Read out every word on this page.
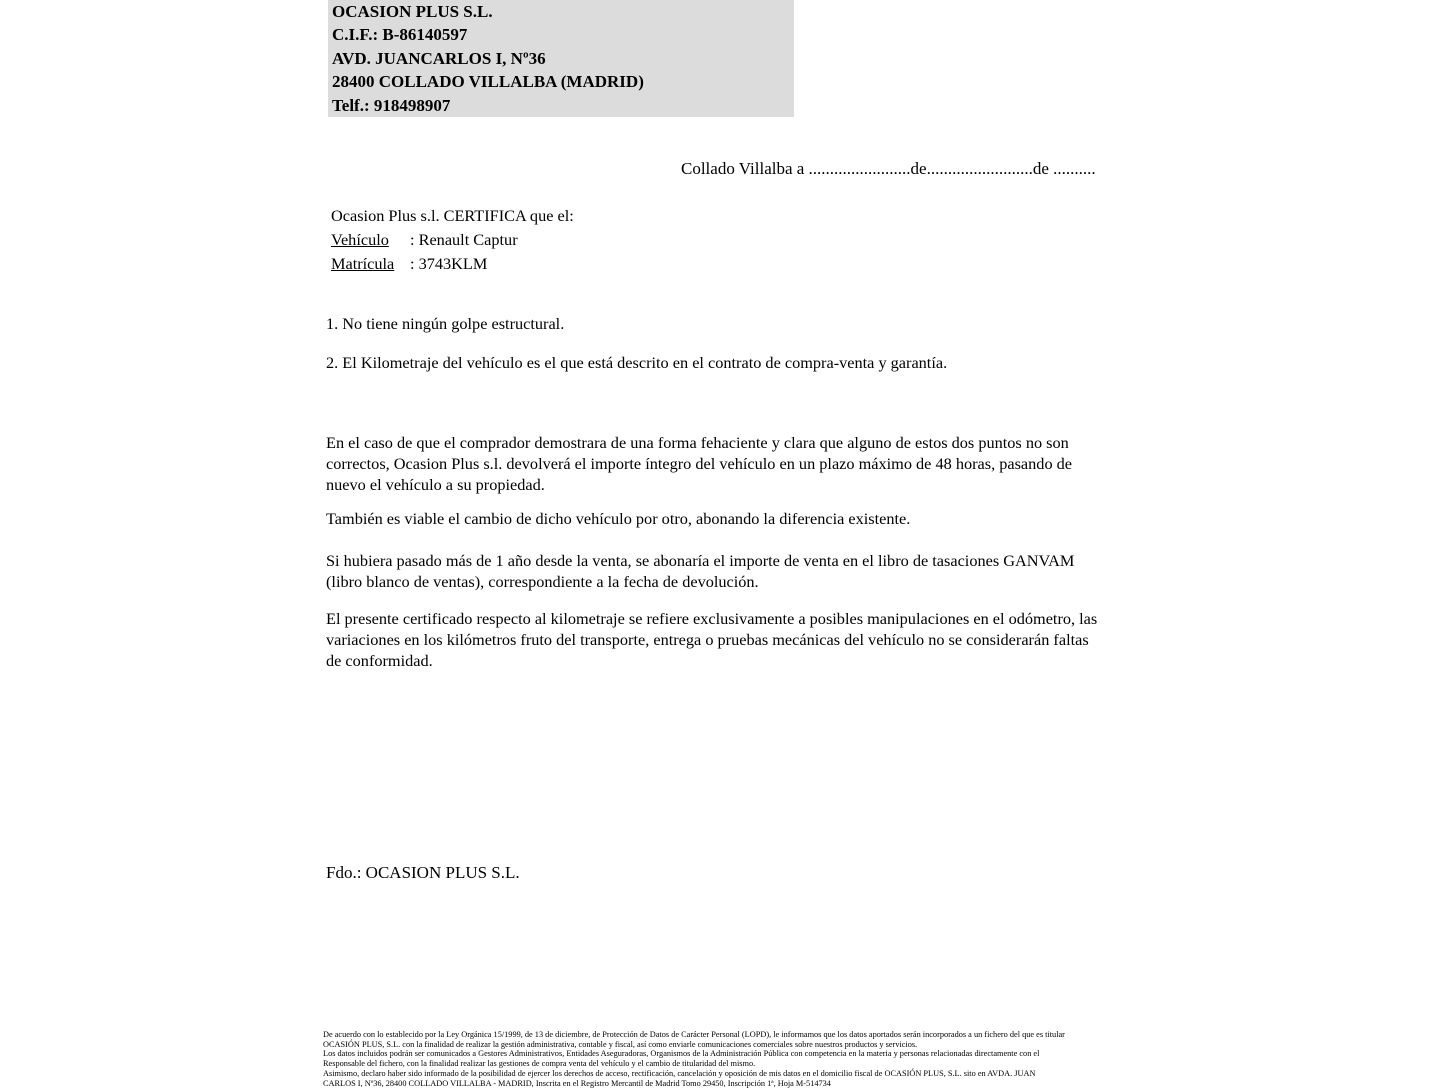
OCASION PLUS S.L.
C.I.F.: B-86140597
AVD. JUANCARLOS I, Nº36
28400 COLLADO VILLALBA (MADRID)
Telf.: 918498907
Collado Villalba a ........................de.........................de ..........
Ocasion Plus s.l. CERTIFICA que el:
Vehículo : Renault Captur
Matrícula : 3743KLM
1. No tiene ningún golpe estructural.
2. El Kilometraje del vehículo es el que está descrito en el contrato de compra-venta y garantía.

En el caso de que el comprador demostrara de una forma fehaciente y clara que alguno de estos dos puntos no son correctos, Ocasion Plus s.l. devolverá el importe íntegro del vehículo en un plazo máximo de 48 horas, pasando de nuevo el vehículo a su propiedad.

También es viable el cambio de dicho vehículo por otro, abonando la diferencia existente.

Si hubiera pasado más de 1 año desde la venta, se abonaría el importe de venta en el libro de tasaciones GANVAM (libro blanco de ventas), correspondiente a la fecha de devolución.

El presente certificado respecto al kilometraje se refiere exclusivamente a posibles manipulaciones en el odómetro, las variaciones en los kilómetros fruto del transporte, entrega o pruebas mecánicas del vehículo no se considerarán faltas de conformidad.

Fdo.: OCASION PLUS S.L.
De acuerdo con lo establecido por la Ley Orgánica 15/1999, de 13 de diciembre, de Protección de Datos de Carácter Personal (LOPD), le informamos que los datos aportados serán incorporados a un fichero del que es titular
OCASIÓN PLUS, S.L. con la finalidad de realizar la gestión administrativa, contable y fiscal, así como enviarle comunicaciones comerciales sobre nuestros productos y servicios.
Los datos incluidos podrán ser comunicados a Gestores Administrativos, Entidades Aseguradoras, Organismos de la Administración Pública con competencia en la materia y personas relacionadas directamente con el
Responsable del fichero, con la finalidad realizar las gestiones de compra venta del vehículo y el cambio de titularidad del mismo.
Asimismo, declaro haber sido informado de la posibilidad de ejercer los derechos de acceso, rectificación, cancelación y oposición de mis datos en el domicilio fiscal de OCASIÓN PLUS, S.L. sito en AVDA. JUAN
CARLOS I, Nº36, 28400 COLLADO VILLALBA - MADRID, Inscrita en el Registro Mercantil de Madrid Tomo 29450, Inscripción 1ª, Hoja M-514734
